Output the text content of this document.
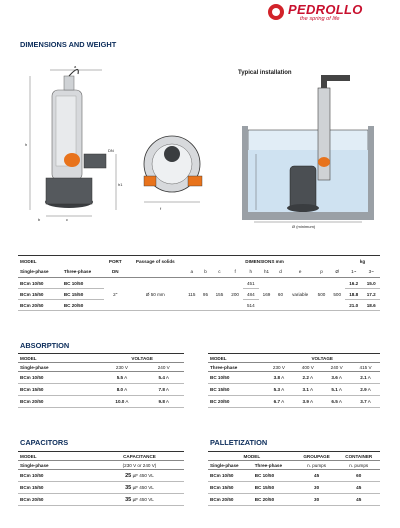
PEDROLLO
the spring of life
DIMENSIONS AND WEIGHT
h
h1
a
c
DN
b
f
Typical installation
Ø (minimum)
MODEL		PORT	Passage of solids	DIMENSIONS mm										kg	
Single-phase	Three-phase	DN		a	b	c	f	h	h1	d	e	p	Ø	1~	3~
BCm 10/50	BC 10/50	2"	Ø 50 mm	115	95	155	200	451	169	60	variable	500	500	16.2	15.0
BCm 15/50	BC 15/50							484						18.8	17.2
BCm 20/50	BC 20/50							514						21.0	18.6
ABSORPTION
MODEL	VOLTAGE	
Single-phase	230 V	240 V
BCm 10/50	5.5 A	5.4 A
BCm 15/50	8.0 A	7.8 A
BCm 20/50	10.0 A	9.8 A
MODEL	VOLTAGE			
Three-phase	230 V	400 V	240 V	415 V
BC 10/50	3.8 A	2.2 A	3.6 A	2.1 A
BC 15/50	5.3 A	3.1 A	5.1 A	2.9 A
BC 20/50	6.7 A	3.9 A	6.5 A	3.7 A
CAPACITORS
MODEL	CAPACITANCE
Single-phase	(230 V or 240 V)
BCm 10/50	25 µF 450 VL
BCm 15/50	35 µF 450 VL
BCm 20/50	35 µF 450 VL
PALLETIZATION
MODEL		GROUPAGE	CONTAINER
Single-phase	Three-phase	n. pumps	n. pumps
BCm 10/50	BC 10/50	45	60
BCm 15/50	BC 15/50	30	45
BCm 20/50	BC 20/50	30	45
